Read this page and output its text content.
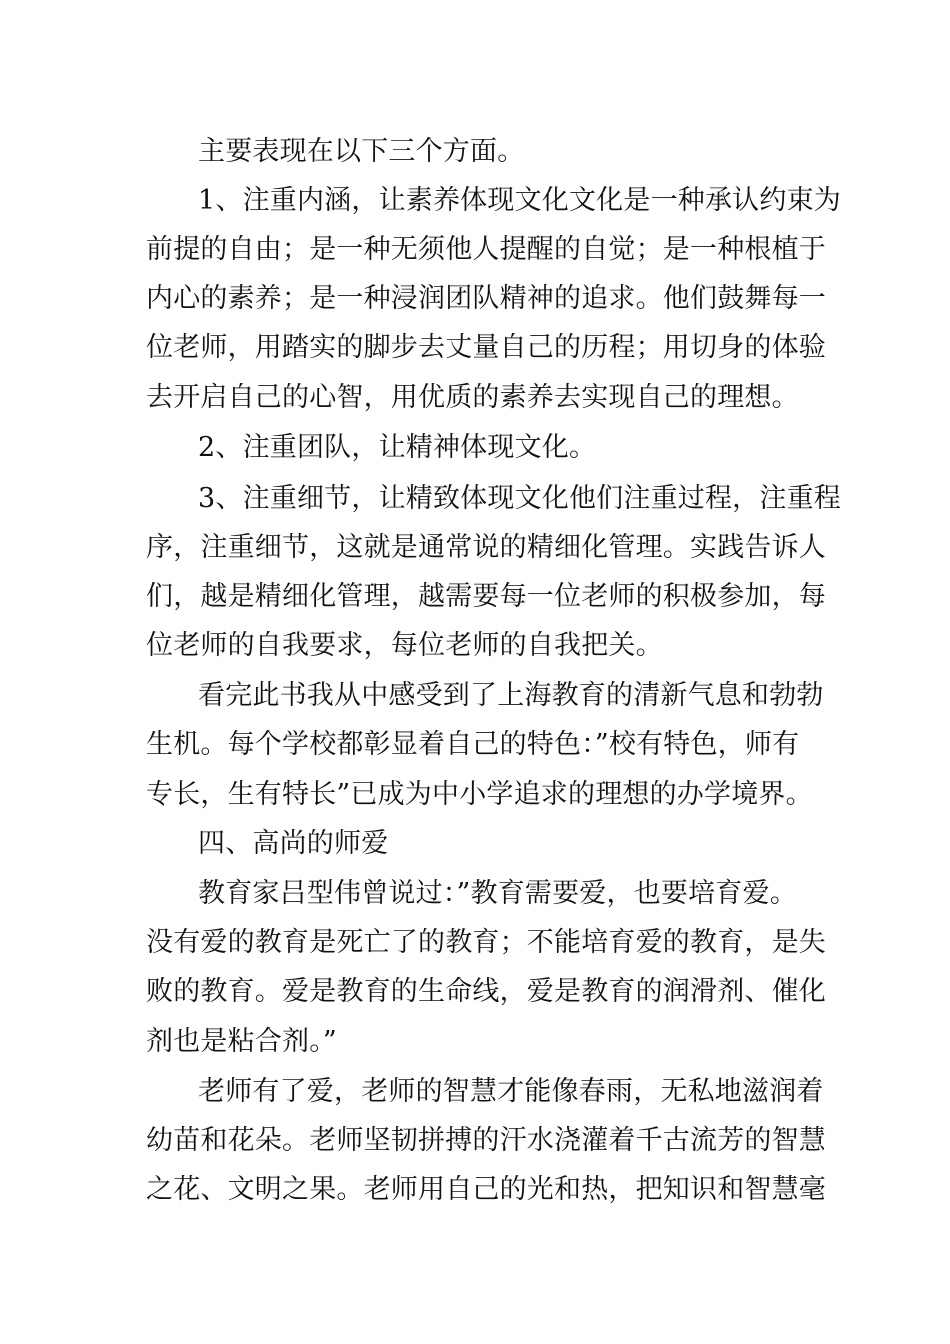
主要表现在以下三个方面。
1、注重内涵，让素养体现文化文化是一种承认约束为
前提的自由；是一种无须他人提醒的自觉；是一种根植于
内心的素养；是一种浸润团队精神的追求。他们鼓舞每一
位老师，用踏实的脚步去丈量自己的历程；用切身的体验
去开启自己的心智，用优质的素养去实现自己的理想。
2、注重团队，让精神体现文化。
3、注重细节，让精致体现文化他们注重过程，注重程
序，注重细节，这就是通常说的精细化管理。实践告诉人
们，越是精细化管理，越需要每一位老师的积极参加，每
位老师的自我要求，每位老师的自我把关。
看完此书我从中感受到了上海教育的清新气息和勃勃
生机。每个学校都彰显着自己的特色：”校有特色，师有
专长，生有特长”已成为中小学追求的理想的办学境界。
四、高尚的师爱
教育家吕型伟曾说过：”教育需要爱，也要培育爱。
没有爱的教育是死亡了的教育；不能培育爱的教育，是失
败的教育。爱是教育的生命线，爱是教育的润滑剂、催化
剂也是粘合剂。”
老师有了爱，老师的智慧才能像春雨，无私地滋润着
幼苗和花朵。老师坚韧拼搏的汗水浇灌着千古流芳的智慧
之花、文明之果。老师用自己的光和热，把知识和智慧毫
